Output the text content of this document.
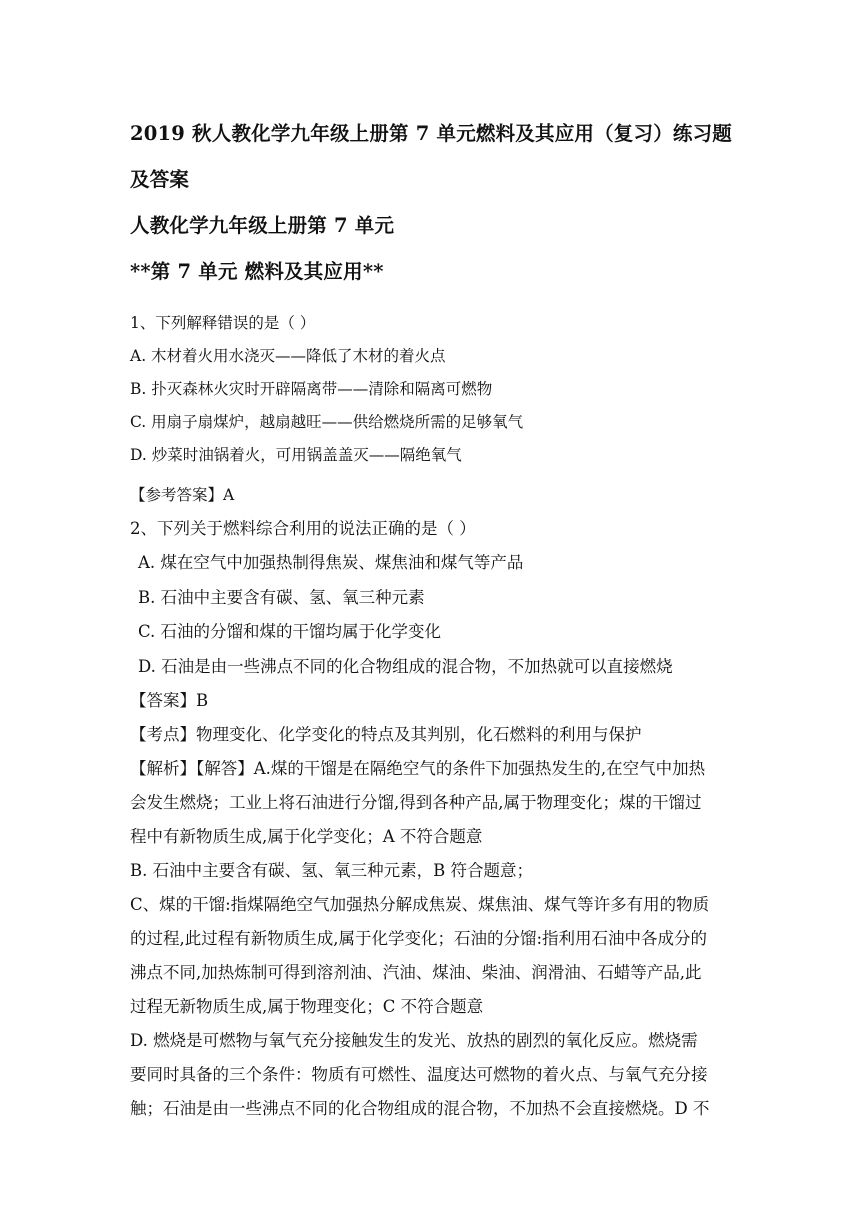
2019 秋人教化学九年级上册第 7 单元燃料及其应用（复习）练习题
及答案
人教化学九年级上册第 7 单元
**第 7 单元 燃料及其应用**
1、下列解释错误的是（ ）
A. 木材着火用水浇灭——降低了木材的着火点
B. 扑灭森林火灾时开辟隔离带——清除和隔离可燃物
C. 用扇子扇煤炉，越扇越旺——供给燃烧所需的足够氧气
D. 炒菜时油锅着火，可用锅盖盖灭——隔绝氧气
【参考答案】A
2、下列关于燃料综合利用的说法正确的是（ ）
A. 煤在空气中加强热制得焦炭、煤焦油和煤气等产品
B. 石油中主要含有碳、氢、氧三种元素
C. 石油的分馏和煤的干馏均属于化学变化
D. 石油是由一些沸点不同的化合物组成的混合物，不加热就可以直接燃烧
【答案】B
【考点】物理变化、化学变化的特点及其判别，化石燃料的利用与保护
【解析】【解答】A.煤的干馏是在隔绝空气的条件下加强热发生的,在空气中加热
会发生燃烧；工业上将石油进行分馏,得到各种产品,属于物理变化；煤的干馏过
程中有新物质生成,属于化学变化；A 不符合题意
B. 石油中主要含有碳、氢、氧三种元素，B 符合题意；
C、煤的干馏:指煤隔绝空气加强热分解成焦炭、煤焦油、煤气等许多有用的物质
的过程,此过程有新物质生成,属于化学变化；石油的分馏:指利用石油中各成分的
沸点不同,加热炼制可得到溶剂油、汽油、煤油、柴油、润滑油、石蜡等产品,此
过程无新物质生成,属于物理变化；C 不符合题意
D. 燃烧是可燃物与氧气充分接触发生的发光、放热的剧烈的氧化反应。燃烧需
要同时具备的三个条件：物质有可燃性、温度达可燃物的着火点、与氧气充分接
触；石油是由一些沸点不同的化合物组成的混合物，不加热不会直接燃烧。D 不
